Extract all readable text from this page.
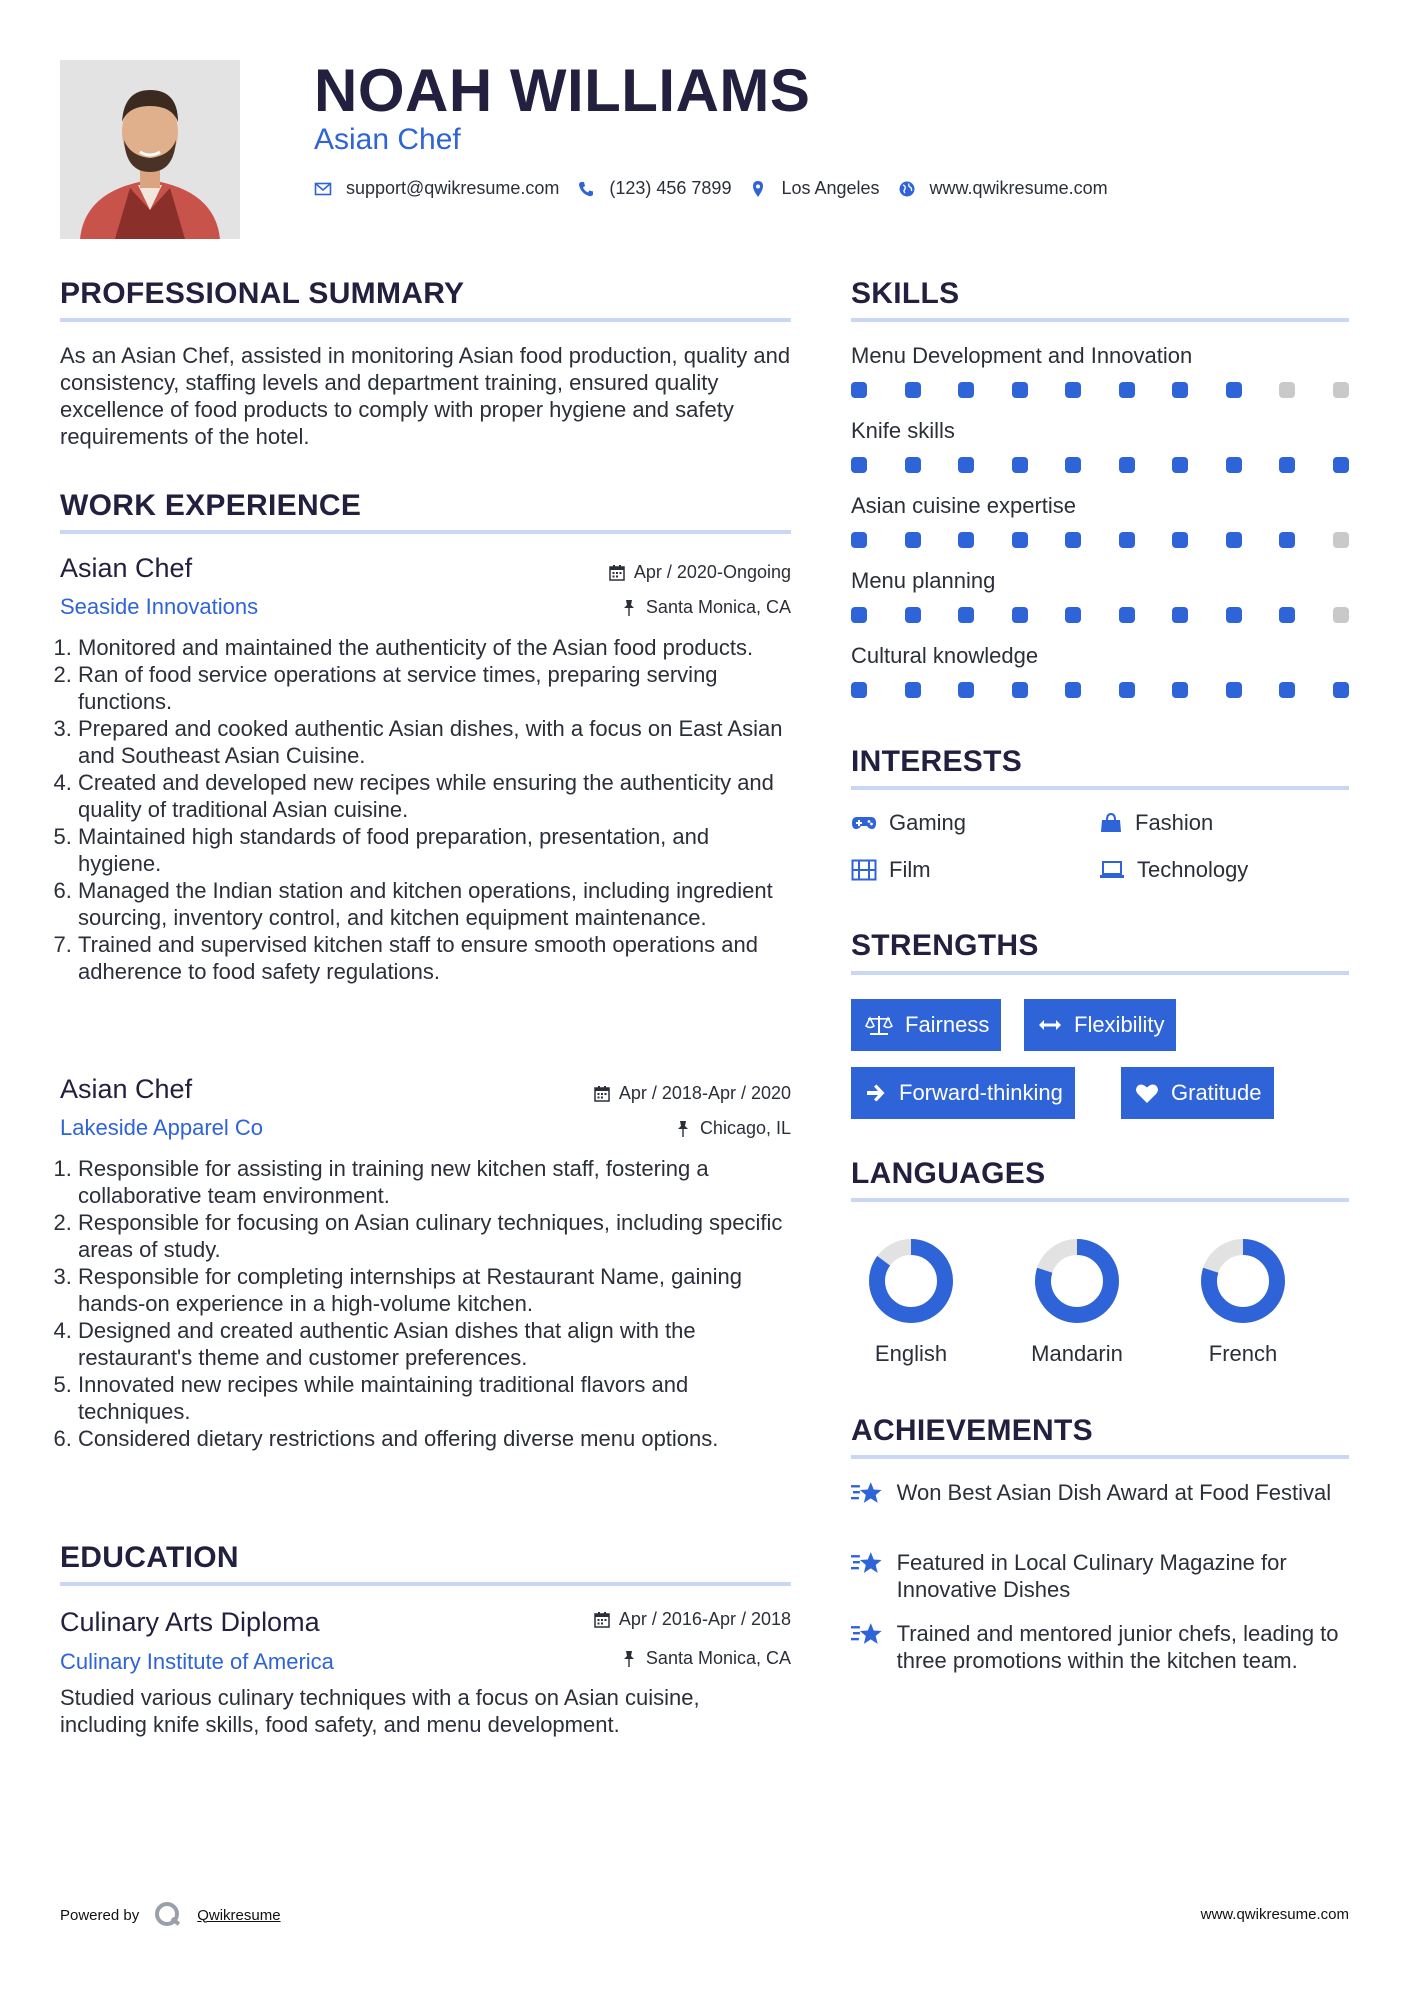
NOAH WILLIAMS
Asian Chef
support@qwikresume.com	(123) 456 7899	Los Angeles	www.qwikresume.com
PROFESSIONAL SUMMARY
As an Asian Chef, assisted in monitoring Asian food production, quality and consistency, staffing levels and department training, ensured quality excellence of food products to comply with proper hygiene and safety requirements of the hotel.
WORK EXPERIENCE
Asian Chef	Apr / 2020-Ongoing
Seaside Innovations	Santa Monica, CA
1. Monitored and maintained the authenticity of the Asian food products.
2. Ran of food service operations at service times, preparing serving functions.
3. Prepared and cooked authentic Asian dishes, with a focus on East Asian and Southeast Asian Cuisine.
4. Created and developed new recipes while ensuring the authenticity and quality of traditional Asian cuisine.
5. Maintained high standards of food preparation, presentation, and hygiene.
6. Managed the Indian station and kitchen operations, including ingredient sourcing, inventory control, and kitchen equipment maintenance.
7. Trained and supervised kitchen staff to ensure smooth operations and adherence to food safety regulations.
Asian Chef	Apr / 2018-Apr / 2020
Lakeside Apparel Co	Chicago, IL
1. Responsible for assisting in training new kitchen staff, fostering a collaborative team environment.
2. Responsible for focusing on Asian culinary techniques, including specific areas of study.
3. Responsible for completing internships at Restaurant Name, gaining hands-on experience in a high-volume kitchen.
4. Designed and created authentic Asian dishes that align with the restaurant's theme and customer preferences.
5. Innovated new recipes while maintaining traditional flavors and techniques.
6. Considered dietary restrictions and offering diverse menu options.
EDUCATION
Culinary Arts Diploma	Apr / 2016-Apr / 2018
Culinary Institute of America	Santa Monica, CA
Studied various culinary techniques with a focus on Asian cuisine, including knife skills, food safety, and menu development.
SKILLS
Menu Development and Innovation
Knife skills
Asian cuisine expertise
Menu planning
Cultural knowledge
INTERESTS
Gaming	Fashion
Film	Technology
STRENGTHS
Fairness	Flexibility
Forward-thinking	Gratitude
LANGUAGES
English	Mandarin	French
ACHIEVEMENTS
Won Best Asian Dish Award at Food Festival
Featured in Local Culinary Magazine for Innovative Dishes
Trained and mentored junior chefs, leading to three promotions within the kitchen team.
Powered by	Qwikresume	www.qwikresume.com
